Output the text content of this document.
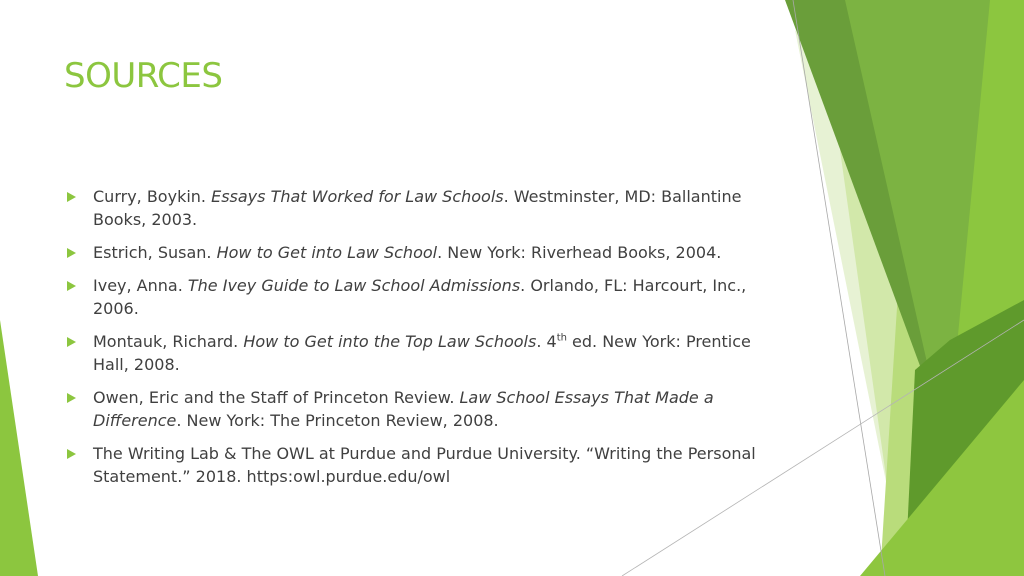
SOURCES
Curry, Boykin. Essays That Worked for Law Schools. Westminster, MD: Ballantine Books, 2003.
Estrich, Susan. How to Get into Law School. New York: Riverhead Books, 2004.
Ivey, Anna. The Ivey Guide to Law School Admissions. Orlando, FL: Harcourt, Inc., 2006.
Montauk, Richard. How to Get into the Top Law Schools. 4th ed. New York: Prentice Hall, 2008.
Owen, Eric and the Staff of Princeton Review. Law School Essays That Made a Difference. New York: The Princeton Review, 2008.
The Writing Lab & The OWL at Purdue and Purdue University. “Writing the Personal Statement.” 2018. https:owl.purdue.edu/owl
